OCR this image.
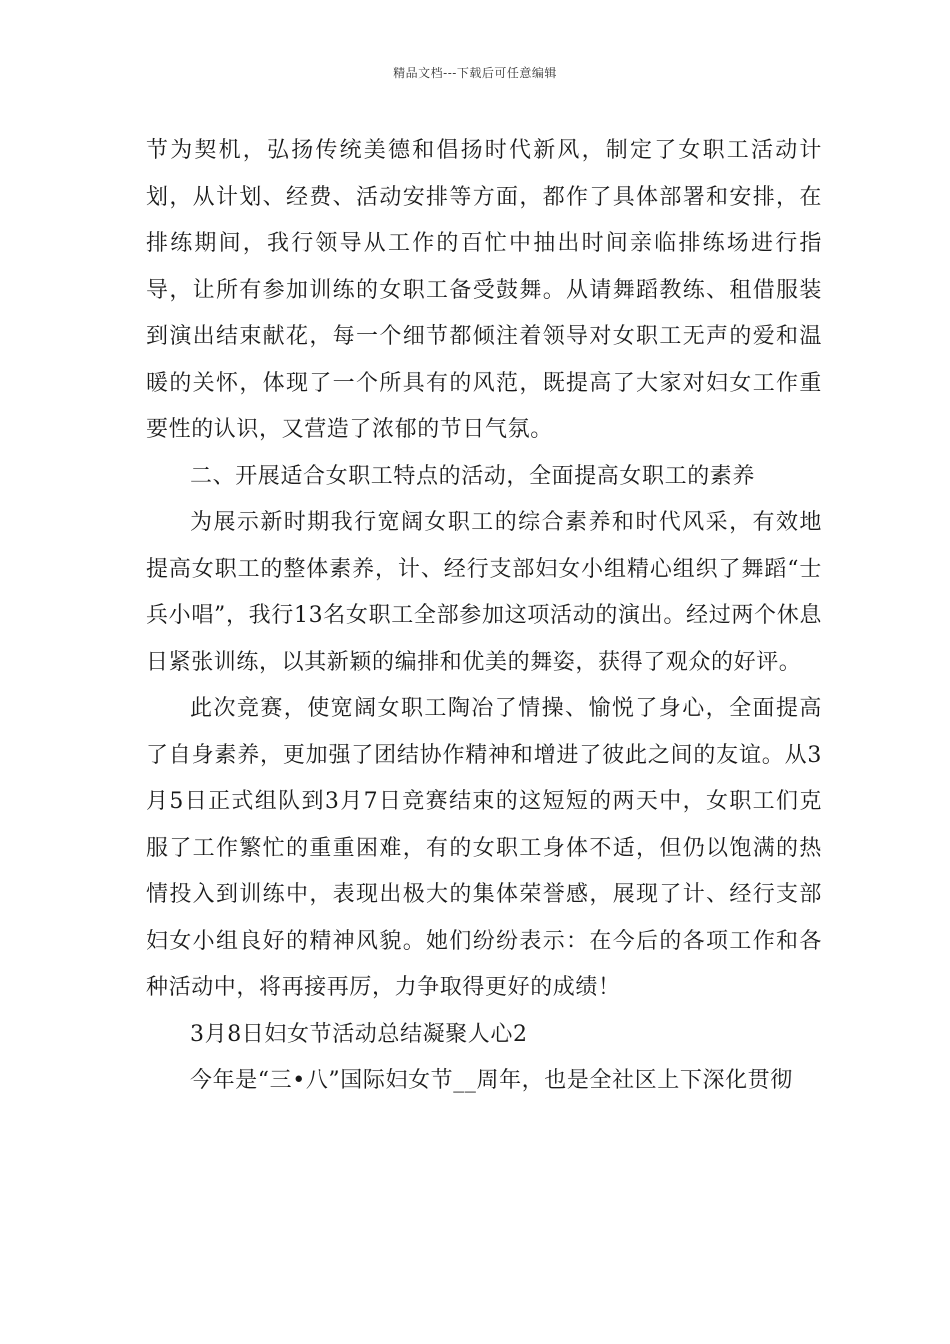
精品文档---下载后可任意编辑

节为契机，弘扬传统美德和倡扬时代新风，制定了女职工活动计划，从计划、经费、活动安排等方面，都作了具体部署和安排，在排练期间，我行领导从工作的百忙中抽出时间亲临排练场进行指导，让所有参加训练的女职工备受鼓舞。从请舞蹈教练、租借服装到演出结束献花，每一个细节都倾注着领导对女职工无声的爱和温暖的关怀，体现了一个所具有的风范，既提高了大家对妇女工作重要性的认识，又营造了浓郁的节日气氛。

二、开展适合女职工特点的活动，全面提高女职工的素养

为展示新时期我行宽阔女职工的综合素养和时代风采，有效地提高女职工的整体素养，计、经行支部妇女小组精心组织了舞蹈“士兵小唱”，我行13名女职工全部参加这项活动的演出。经过两个休息日紧张训练，以其新颖的编排和优美的舞姿，获得了观众的好评。

此次竞赛，使宽阔女职工陶冶了情操、愉悦了身心，全面提高了自身素养，更加强了团结协作精神和增进了彼此之间的友谊。从3月5日正式组队到3月7日竞赛结束的这短短的两天中，女职工们克服了工作繁忙的重重困难，有的女职工身体不适，但仍以饱满的热情投入到训练中，表现出极大的集体荣誉感，展现了计、经行支部妇女小组良好的精神风貌。她们纷纷表示：在今后的各项工作和各种活动中，将再接再厉，力争取得更好的成绩！

3月8日妇女节活动总结凝聚人心2

今年是“三•八”国际妇女节__周年，也是全社区上下深化贯彻
